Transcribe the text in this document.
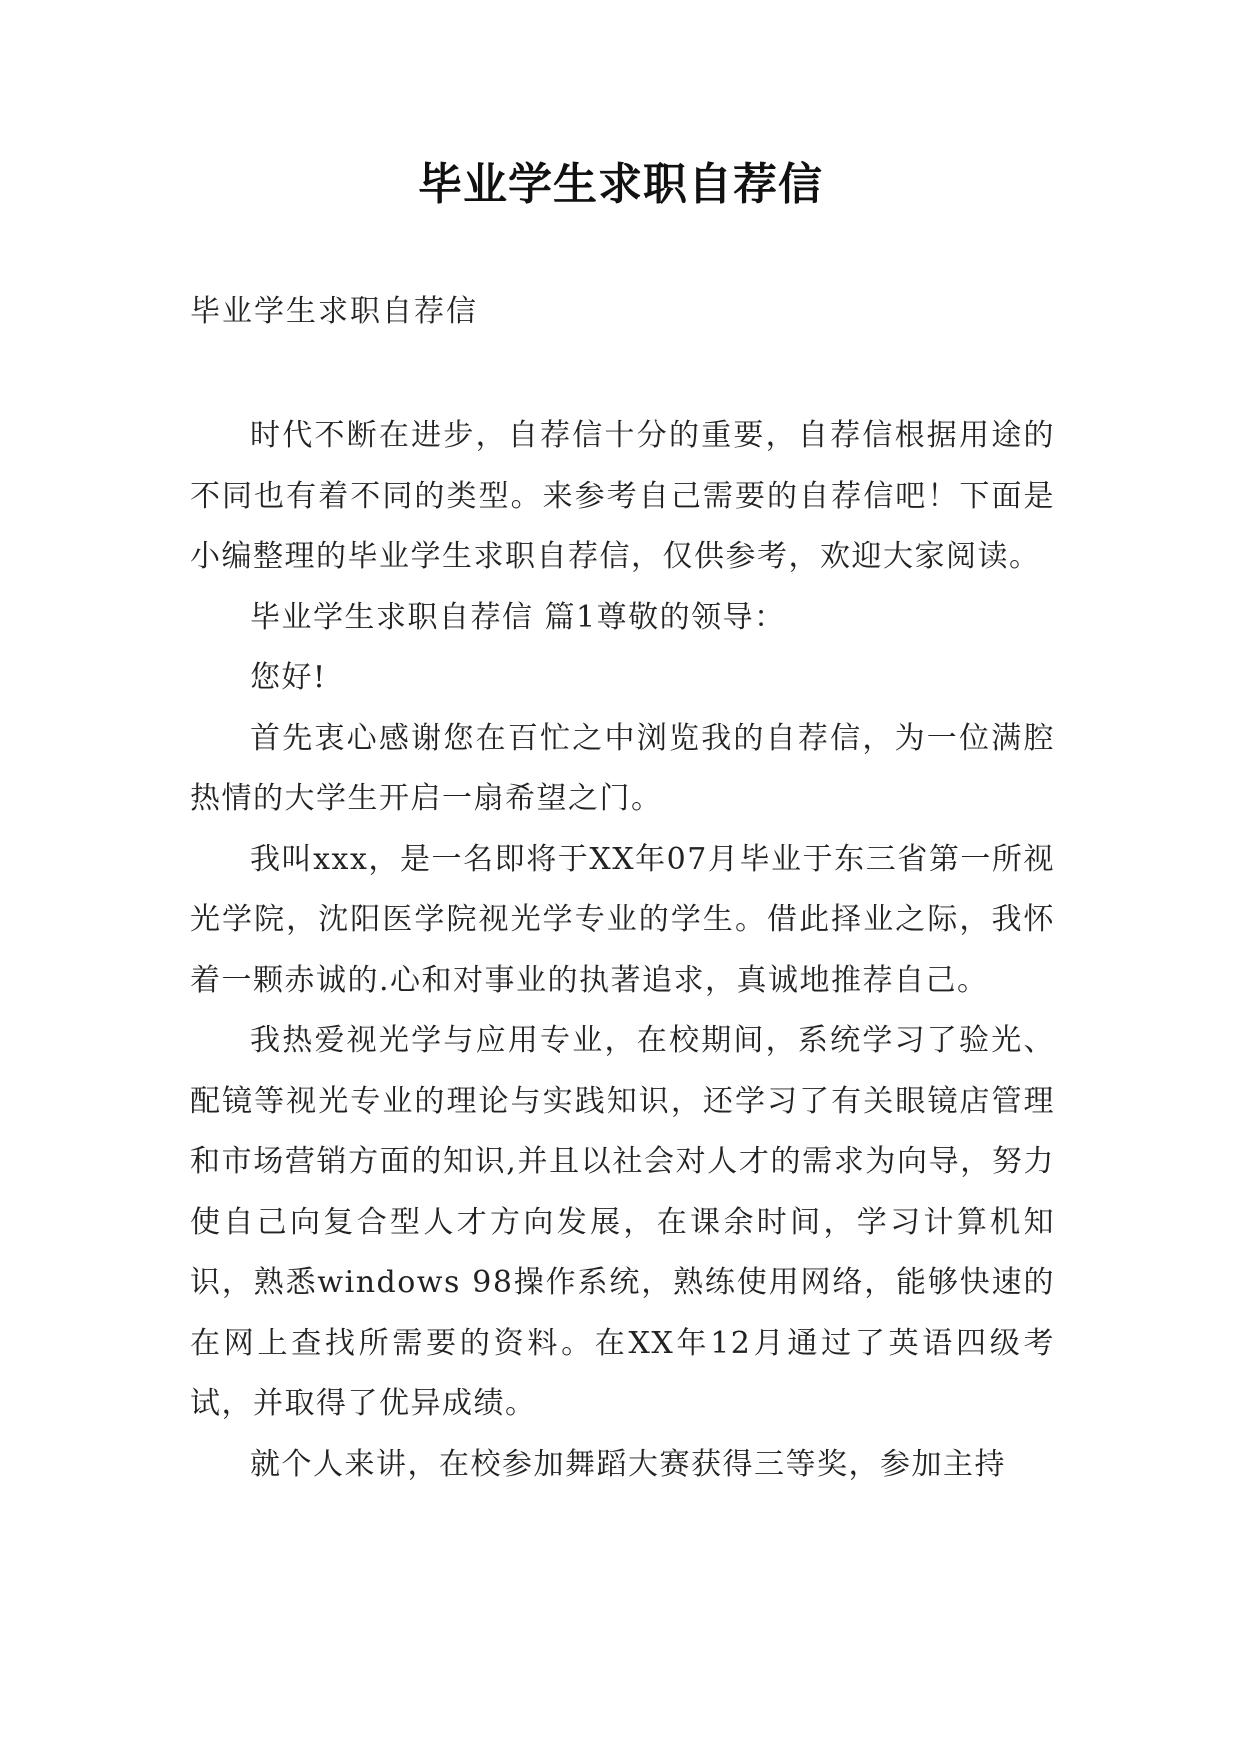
毕业学生求职自荐信
毕业学生求职自荐信

时代不断在进步，自荐信十分的重要，自荐信根据用途的不同也有着不同的类型。来参考自己需要的自荐信吧！下面是小编整理的毕业学生求职自荐信，仅供参考，欢迎大家阅读。

毕业学生求职自荐信 篇1尊敬的领导：

您好!

首先衷心感谢您在百忙之中浏览我的自荐信，为一位满腔热情的大学生开启一扇希望之门。

我叫xxx，是一名即将于XX年07月毕业于东三省第一所视光学院，沈阳医学院视光学专业的学生。借此择业之际，我怀着一颗赤诚的.心和对事业的执著追求，真诚地推荐自己。

我热爱视光学与应用专业，在校期间，系统学习了验光、配镜等视光专业的理论与实践知识，还学习了有关眼镜店管理和市场营销方面的知识,并且以社会对人才的需求为向导，努力使自己向复合型人才方向发展，在课余时间，学习计算机知识，熟悉windows 98操作系统，熟练使用网络，能够快速的在网上查找所需要的资料。在XX年12月通过了英语四级考试，并取得了优异成绩。

就个人来讲，在校参加舞蹈大赛获得三等奖，参加主持
